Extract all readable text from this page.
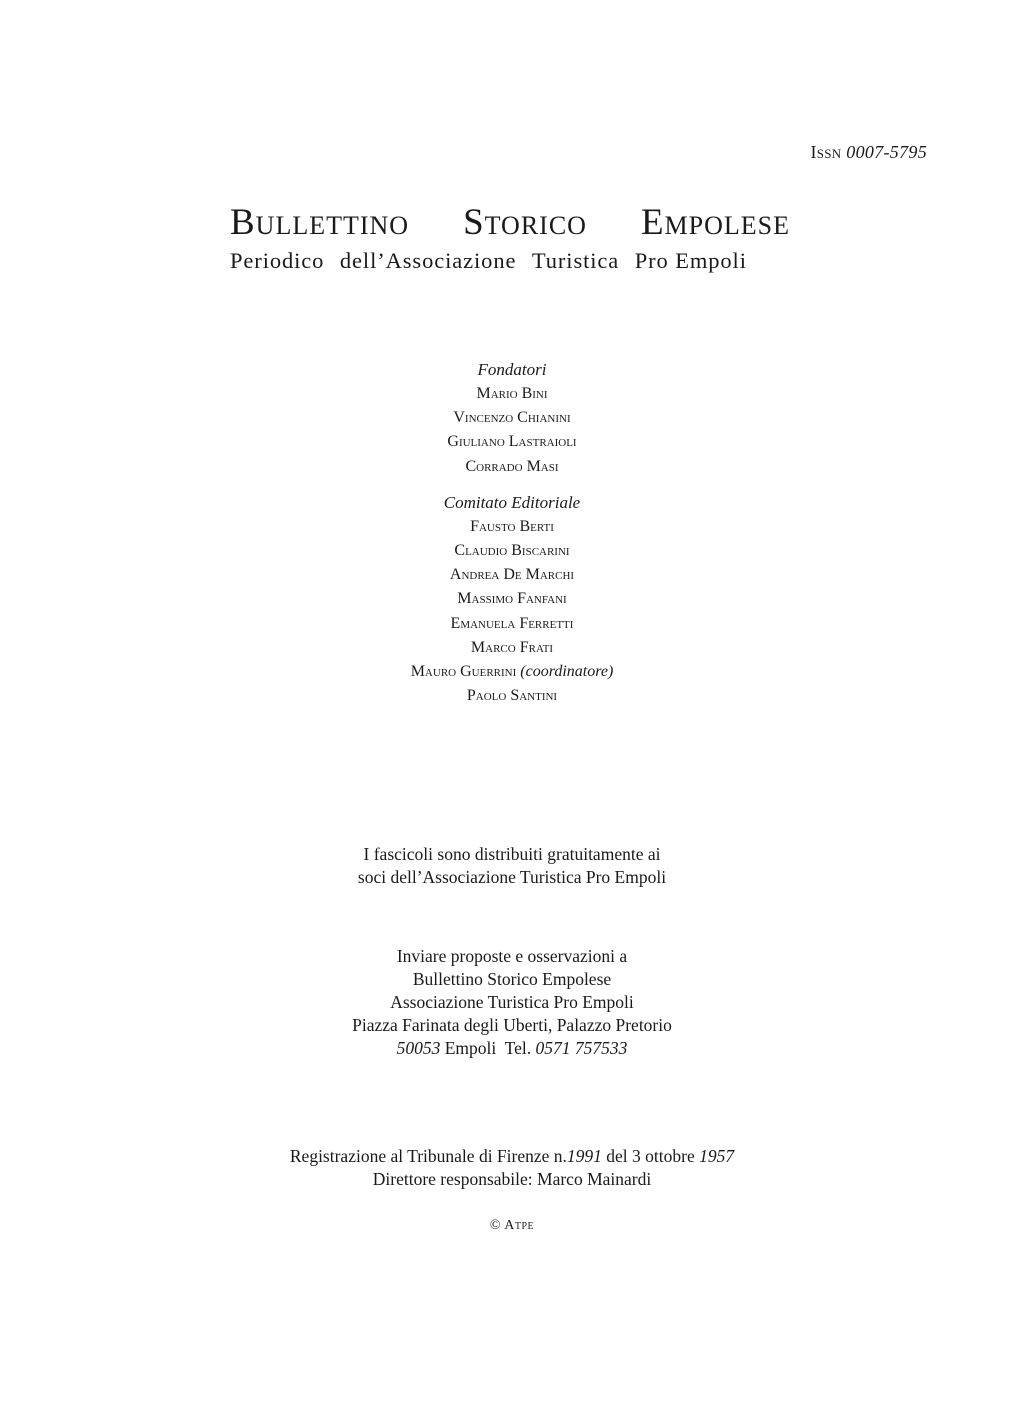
Issn 0007-5795
Bullettino Storico Empolese
Periodico dell’Associazione Turistica Pro Empoli
Fondatori
Mario Bini
Vincenzo Chianini
Giuliano Lastraioli
Corrado Masi
Comitato Editoriale
Fausto Berti
Claudio Biscarini
Andrea De Marchi
Massimo Fanfani
Emanuela Ferretti
Marco Frati
Mauro Guerrini (coordinatore)
Paolo Santini
I fascicoli sono distribuiti gratuitamente ai
soci dell’Associazione Turistica Pro Empoli
Inviare proposte e osservazioni a
Bullettino Storico Empolese
Associazione Turistica Pro Empoli
Piazza Farinata degli Uberti, Palazzo Pretorio
50053 Empoli Tel. 0571 757533
Registrazione al Tribunale di Firenze n.1991 del 3 ottobre 1957
Direttore responsabile: Marco Mainardi
© Atpe
